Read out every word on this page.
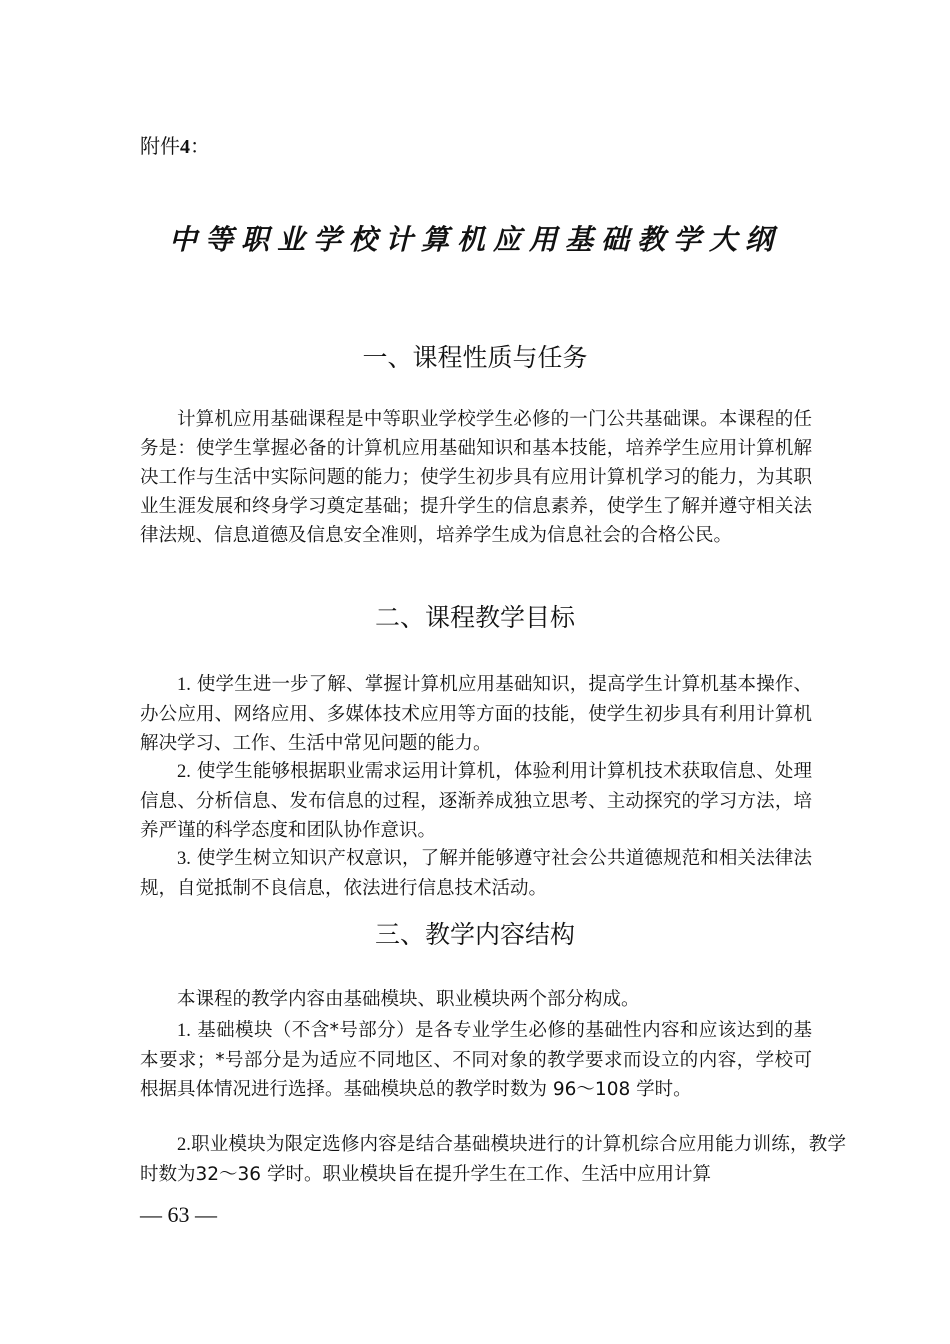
附件4：
中等职业学校计算机应用基础教学大纲
一、课程性质与任务

计算机应用基础课程是中等职业学校学生必修的一门公共基础课。本课程的任务是：使学生掌握必备的计算机应用基础知识和基本技能，培养学生应用计算机解决工作与生活中实际问题的能力；使学生初步具有应用计算机学习的能力，为其职业生涯发展和终身学习奠定基础；提升学生的信息素养，使学生了解并遵守相关法律法规、信息道德及信息安全准则，培养学生成为信息社会的合格公民。

二、课程教学目标

1. 使学生进一步了解、掌握计算机应用基础知识，提高学生计算机基本操作、办公应用、网络应用、多媒体技术应用等方面的技能，使学生初步具有利用计算机解决学习、工作、生活中常见问题的能力。

2. 使学生能够根据职业需求运用计算机，体验利用计算机技术获取信息、处理信息、分析信息、发布信息的过程，逐渐养成独立思考、主动探究的学习方法，培养严谨的科学态度和团队协作意识。

3. 使学生树立知识产权意识，了解并能够遵守社会公共道德规范和相关法律法规，自觉抵制不良信息，依法进行信息技术活动。

三、教学内容结构

本课程的教学内容由基础模块、职业模块两个部分构成。

1. 基础模块（不含*号部分）是各专业学生必修的基础性内容和应该达到的基本要求；*号部分是为适应不同地区、不同对象的教学要求而设立的内容，学校可根据具体情况进行选择。基础模块总的教学时数为 96～108 学时。

2.职业模块为限定选修内容是结合基础模块进行的计算机综合应用能力训练，教学时数为32～36 学时。职业模块旨在提升学生在工作、生活中应用计算

— 63 —
